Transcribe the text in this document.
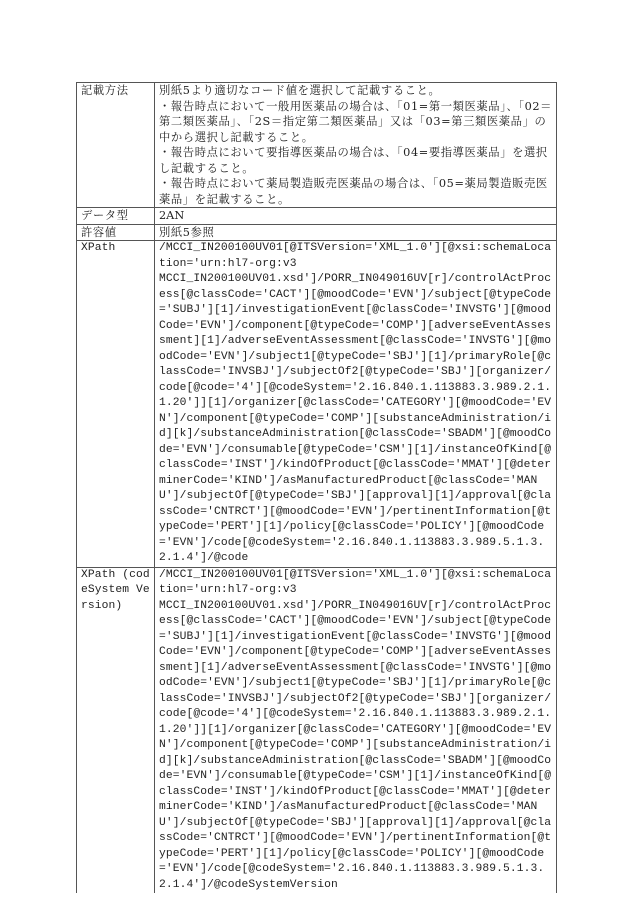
記載方法	別紙5より適切なコード値を選択して記載すること。
・報告時点において一般用医薬品の場合は、「01=第一類医薬品」、「02＝第二類医薬品」、「2S＝指定第二類医薬品」又は「03=第三類医薬品」の中から選択し記載すること。
・報告時点において要指導医薬品の場合は、「04=要指導医薬品」を選択し記載すること。
・報告時点において薬局製造販売医薬品の場合は、「05=薬局製造販売医薬品」を記載すること。

データ型	2AN

許容値	別紙5参照

XPath	/MCCI_IN200100UV01[@ITSVersion='XML_1.0'][@xsi:schemaLocation='urn:hl7-org:v3
MCCI_IN200100UV01.xsd']/PORR_IN049016UV[r]/controlActProcess[@classCode='CACT'][@moodCode='EVN']/subject[@typeCode='SUBJ'][1]/investigationEvent[@classCode='INVSTG'][@moodCode='EVN']/component[@typeCode='COMP'][adverseEventAssessment][1]/adverseEventAssessment[@classCode='INVSTG'][@moodCode='EVN']/subject1[@typeCode='SBJ'][1]/primaryRole[@classCode='INVSBJ']/subjectOf2[@typeCode='SBJ'][organizer/code[@code='4'][@codeSystem='2.16.840.1.113883.3.989.2.1.1.20']][1]/organizer[@classCode='CATEGORY'][@moodCode='EVN']/component[@typeCode='COMP'][substanceAdministration/id][k]/substanceAdministration[@classCode='SBADM'][@moodCode='EVN']/consumable[@typeCode='CSM'][1]/instanceOfKind[@classCode='INST']/kindOfProduct[@classCode='MMAT'][@determinerCode='KIND']/asManufacturedProduct[@classCode='MANU']/subjectOf[@typeCode='SBJ'][approval][1]/approval[@classCode='CNTRCT'][@moodCode='EVN']/pertinentInformation[@typeCode='PERT'][1]/policy[@classCode='POLICY'][@moodCode='EVN']/code[@codeSystem='2.16.840.1.113883.3.989.5.1.3.2.1.4']/@code

XPath (codeSystem Version)	/MCCI_IN200100UV01[@ITSVersion='XML_1.0'][@xsi:schemaLocation='urn:hl7-org:v3
MCCI_IN200100UV01.xsd']/PORR_IN049016UV[r]/controlActProcess[@classCode='CACT'][@moodCode='EVN']/subject[@typeCode='SUBJ'][1]/investigationEvent[@classCode='INVSTG'][@moodCode='EVN']/component[@typeCode='COMP'][adverseEventAssessment][1]/adverseEventAssessment[@classCode='INVSTG'][@moodCode='EVN']/subject1[@typeCode='SBJ'][1]/primaryRole[@classCode='INVSBJ']/subjectOf2[@typeCode='SBJ'][organizer/code[@code='4'][@codeSystem='2.16.840.1.113883.3.989.2.1.1.20']][1]/organizer[@classCode='CATEGORY'][@moodCode='EVN']/component[@typeCode='COMP'][substanceAdministration/id][k]/substanceAdministration[@classCode='SBADM'][@moodCode='EVN']/consumable[@typeCode='CSM'][1]/instanceOfKind[@classCode='INST']/kindOfProduct[@classCode='MMAT'][@determinerCode='KIND']/asManufacturedProduct[@classCode='MANU']/subjectOf[@typeCode='SBJ'][approval][1]/approval[@classCode='CNTRCT'][@moodCode='EVN']/pertinentInformation[@typeCode='PERT'][1]/policy[@classCode='POLICY'][@moodCode='EVN']/code[@codeSystem='2.16.840.1.113883.3.989.5.1.3.2.1.4']/@codeSystemVersion
